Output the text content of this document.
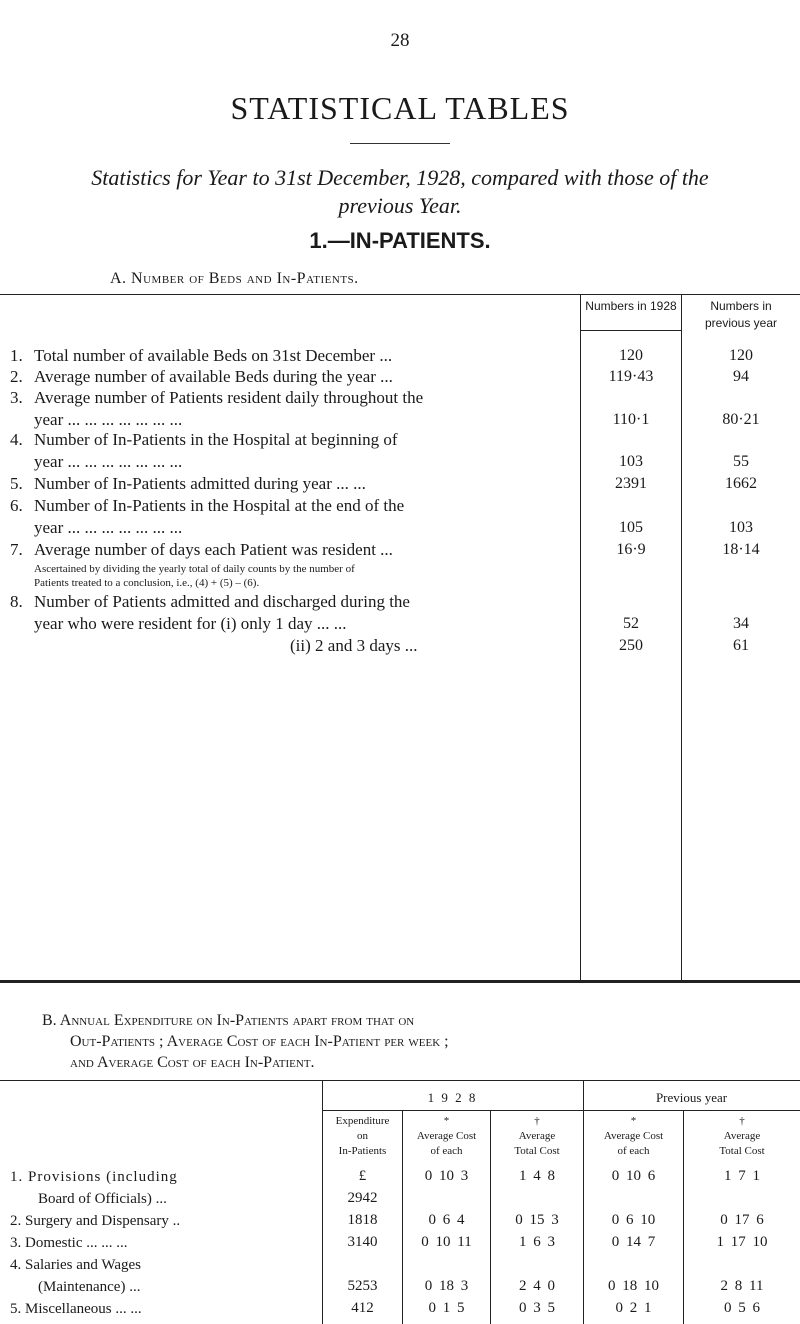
28
STATISTICAL TABLES
Statistics for Year to 31st December, 1928, compared with those of the
previous Year.
1.—IN-PATIENTS.
A. Number of Beds and In-Patients.
Numbers in 1928	Numbers in previous year
1. Total number of available Beds on 31st December ...	120	120
2. Average number of available Beds during the year ...	119·43	94
3. Average number of Patients resident daily throughout the
year ... ... ... ... ... ... ...	110·1	80·21
4. Number of In-Patients in the Hospital at beginning of
year ... ... ... ... ... ... ...	103	55
5. Number of In-Patients admitted during year ... ...	2391	1662
6. Number of In-Patients in the Hospital at the end of the
year ... ... ... ... ... ... ...	105	103
7. Average number of days each Patient was resident ...	16·9	18·14
Ascertained by dividing the yearly total of daily counts by the number of
Patients treated to a conclusion, i.e., (4) + (5) – (6).
8. Number of Patients admitted and discharged during the
year who were resident for (i) only 1 day ... ...	52	34
(ii) 2 and 3 days ...	250	61
B. Annual Expenditure on In-Patients apart from that on
Out-Patients ; Average Cost of each In-Patient per week ;
and Average Cost of each In-Patient.
1 9 2 8	Previous year
Expenditure
on
In-Patients
*
Average Cost
of each
†
Average
Total Cost
*
Average Cost
of each
†
Average
Total Cost
1. Provisions (including	£	0 10 3	1 4 8	0 10 6	1 7 1
Board of Officials) ...	2942
2. Surgery and Dispensary ..	1818	0 6 4	0 15 3	0 6 10	0 17 6
3. Domestic ... ... ...	3140	0 10 11	1 6 3	0 14 7	1 17 10
4. Salaries and Wages
(Maintenance) ...	5253	0 18 3	2 4 0	0 18 10	2 8 11
5. Miscellaneous ... ...	412	0 1 5	0 3 5	0 2 1	0 5 6
